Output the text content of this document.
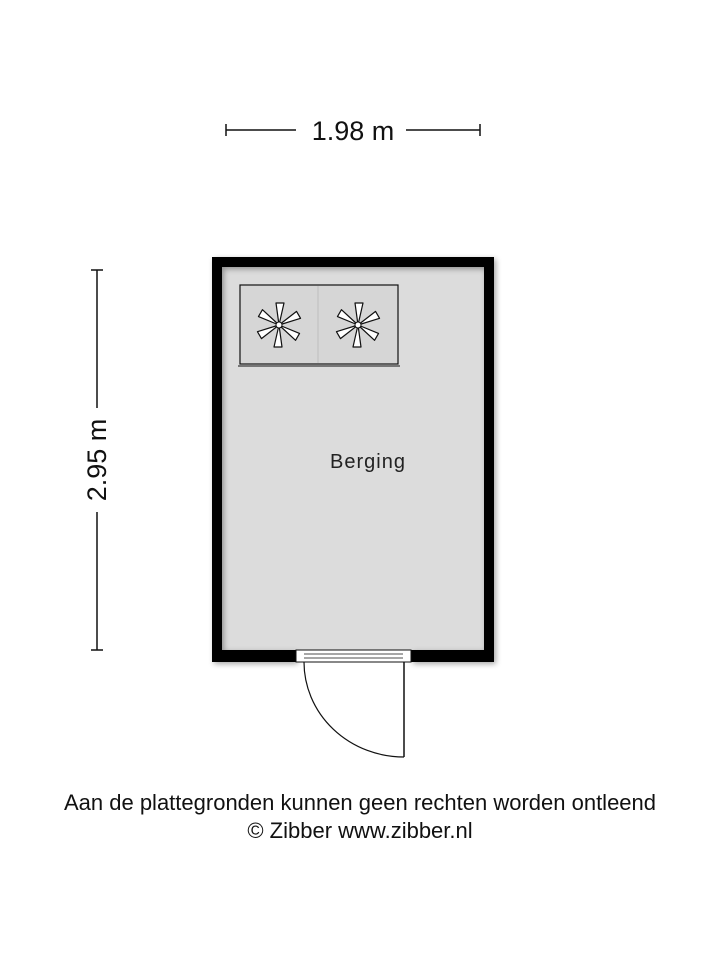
1.98 m
2.95 m	Berging
Aan de plattegronden kunnen geen rechten worden ontleend
© Zibber www.zibber.nl
